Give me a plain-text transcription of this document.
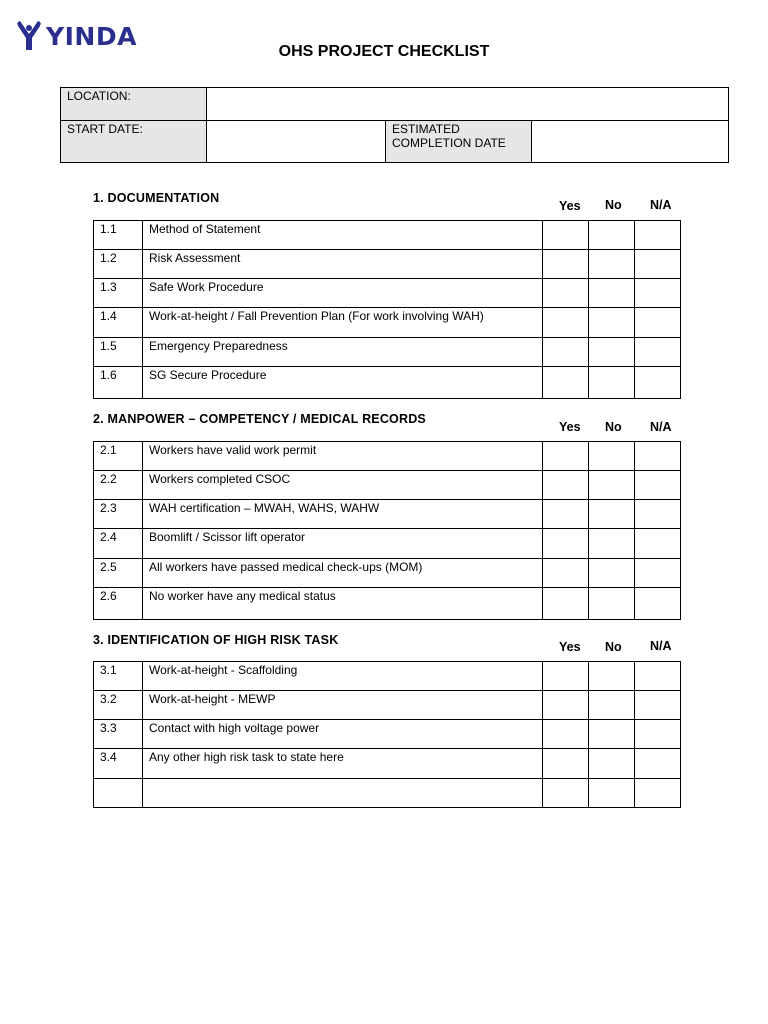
YINDA
OHS PROJECT CHECKLIST
LOCATION:			
START DATE:		ESTIMATED
COMPLETION DATE	
1. DOCUMENTATION
Yes No N/A
1.1	Method of Statement			
1.2	Risk Assessment			
1.3	Safe Work Procedure			
1.4	Work-at-height / Fall Prevention Plan (For work involving WAH)			
1.5	Emergency Preparedness			
1.6	SG Secure Procedure			
2. MANPOWER – COMPETENCY / MEDICAL RECORDS
Yes No N/A
2.1	Workers have valid work permit			
2.2	Workers completed CSOC			
2.3	WAH certification – MWAH, WAHS, WAHW			
2.4	Boomlift / Scissor lift operator			
2.5	All workers have passed medical check-ups (MOM)			
2.6	No worker have any medical status			
3. IDENTIFICATION OF HIGH RISK TASK	Yes No N/A
3.1	Work-at-height - Scaffolding			
3.2	Work-at-height - MEWP			
3.3	Contact with high voltage power			
3.4	Any other high risk task to state here			
